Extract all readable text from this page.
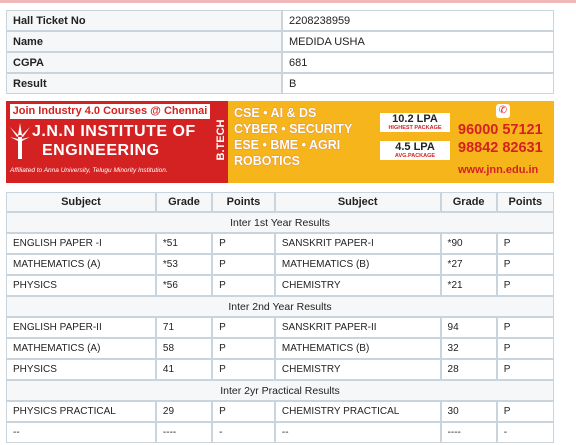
Hall Ticket No	2208238959
Name	MEDIDA USHA
CGPA	681
Result	B
Join Industry 4.0 Courses @ Chennai
J.N.N INSTITUTE OF
ENGINEERING
Affiliated to Anna University, Telugu Minority Institution.
B.TECH
CSE • AI & DS
CYBER • SECURITY
ESE • BME • AGRI
ROBOTICS
10.2 LPA
HIGHEST PACKAGE
4.5 LPA
AVG.PACKAGE
✆
96000 57121
98842 82631
www.jnn.edu.in
Subject	Grade	Points	Subject	Grade	Points
Inter 1st Year Results					
ENGLISH PAPER -I	*51	P	SANSKRIT PAPER-I	*90	P
MATHEMATICS (A)	*53	P	MATHEMATICS (B)	*27	P
PHYSICS	*56	P	CHEMISTRY	*21	P
Inter 2nd Year Results					
ENGLISH PAPER-II	71	P	SANSKRIT PAPER-II	94	P
MATHEMATICS (A)	58	P	MATHEMATICS (B)	32	P
PHYSICS	41	P	CHEMISTRY	28	P
Inter 2yr Practical Results					
PHYSICS PRACTICAL	29	P	CHEMISTRY PRACTICAL	30	P
--	----	-	--	----	-
